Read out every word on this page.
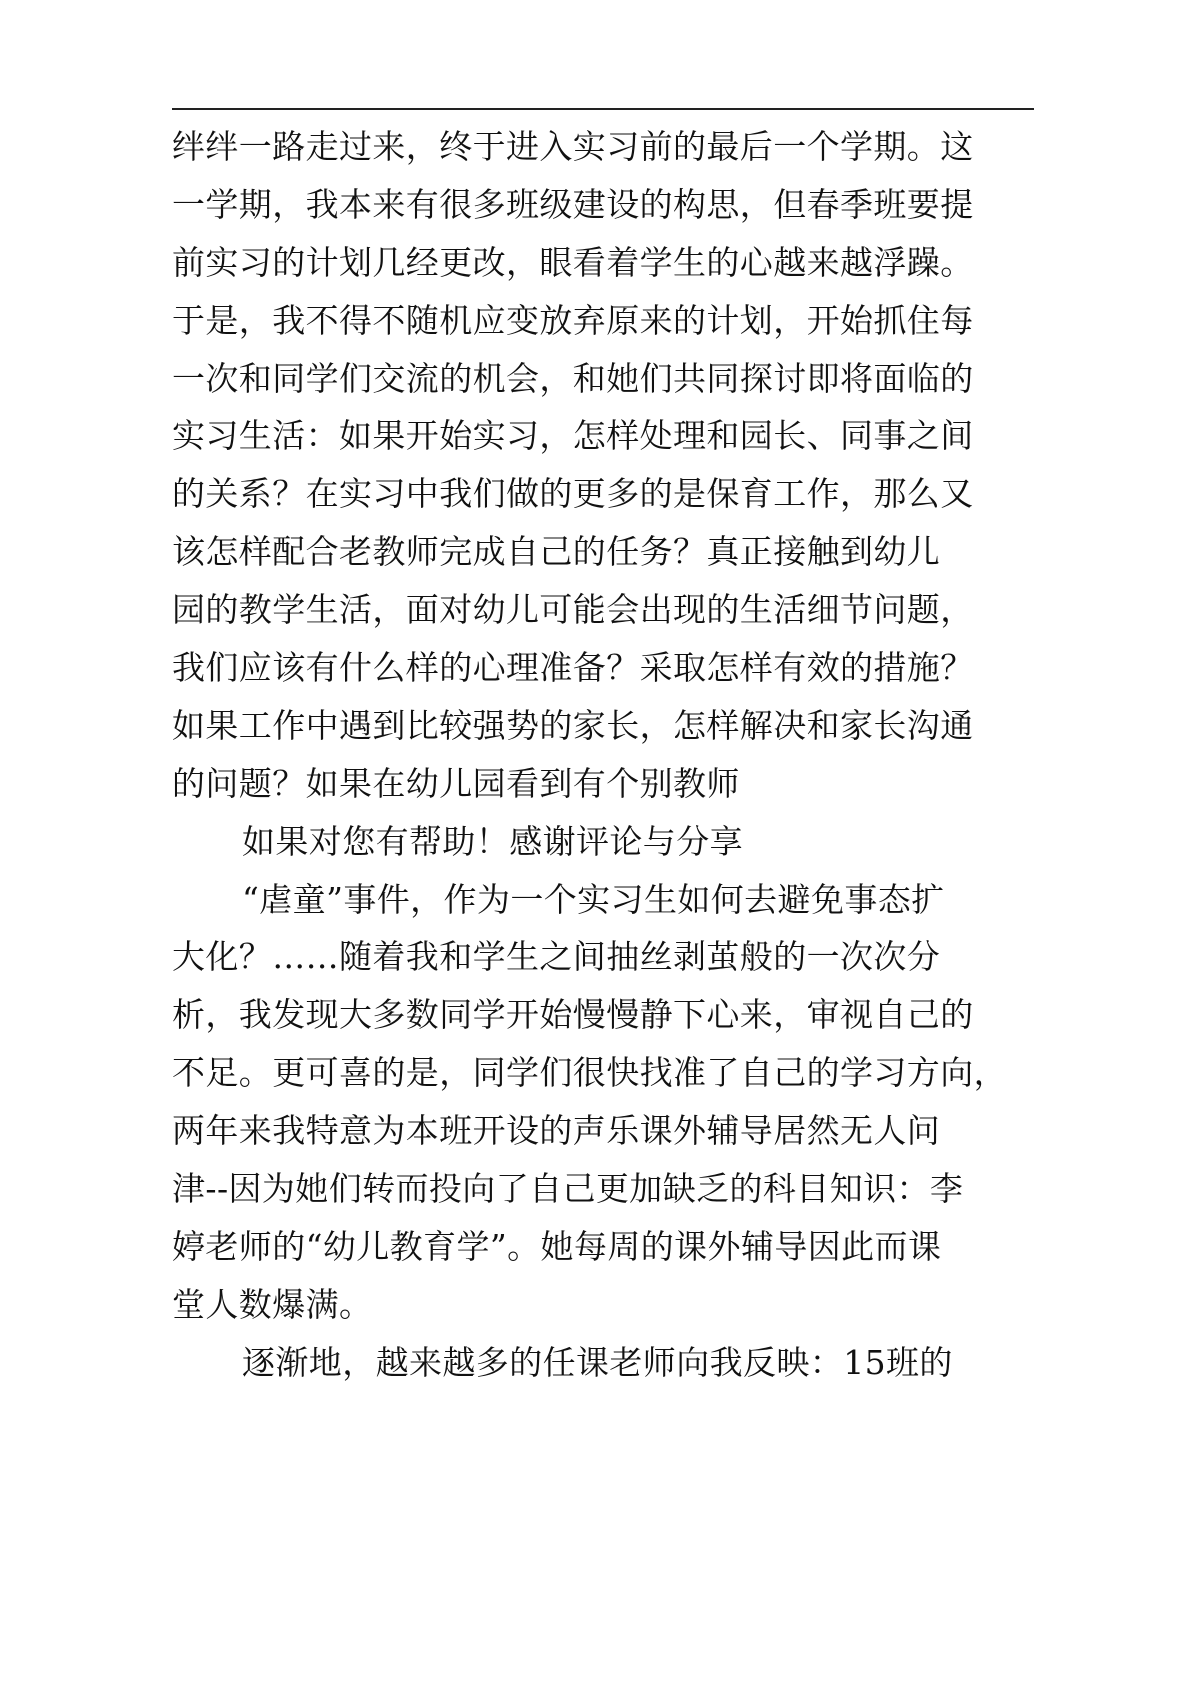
绊绊一路走过来，终于进入实习前的最后一个学期。这
一学期，我本来有很多班级建设的构思，但春季班要提
前实习的计划几经更改，眼看着学生的心越来越浮躁。
于是，我不得不随机应变放弃原来的计划，开始抓住每
一次和同学们交流的机会，和她们共同探讨即将面临的
实习生活：如果开始实习，怎样处理和园长、同事之间
的关系？在实习中我们做的更多的是保育工作，那么又
该怎样配合老教师完成自己的任务？真正接触到幼儿
园的教学生活，面对幼儿可能会出现的生活细节问题，
我们应该有什么样的心理准备？采取怎样有效的措施？
如果工作中遇到比较强势的家长，怎样解决和家长沟通
的问题？如果在幼儿园看到有个别教师
如果对您有帮助！感谢评论与分享
“虐童”事件，作为一个实习生如何去避免事态扩
大化？……随着我和学生之间抽丝剥茧般的一次次分
析，我发现大多数同学开始慢慢静下心来，审视自己的
不足。更可喜的是，同学们很快找准了自己的学习方向，
两年来我特意为本班开设的声乐课外辅导居然无人问
津--因为她们转而投向了自己更加缺乏的科目知识：李
婷老师的“幼儿教育学”。她每周的课外辅导因此而课
堂人数爆满。
逐渐地，越来越多的任课老师向我反映：15班的
